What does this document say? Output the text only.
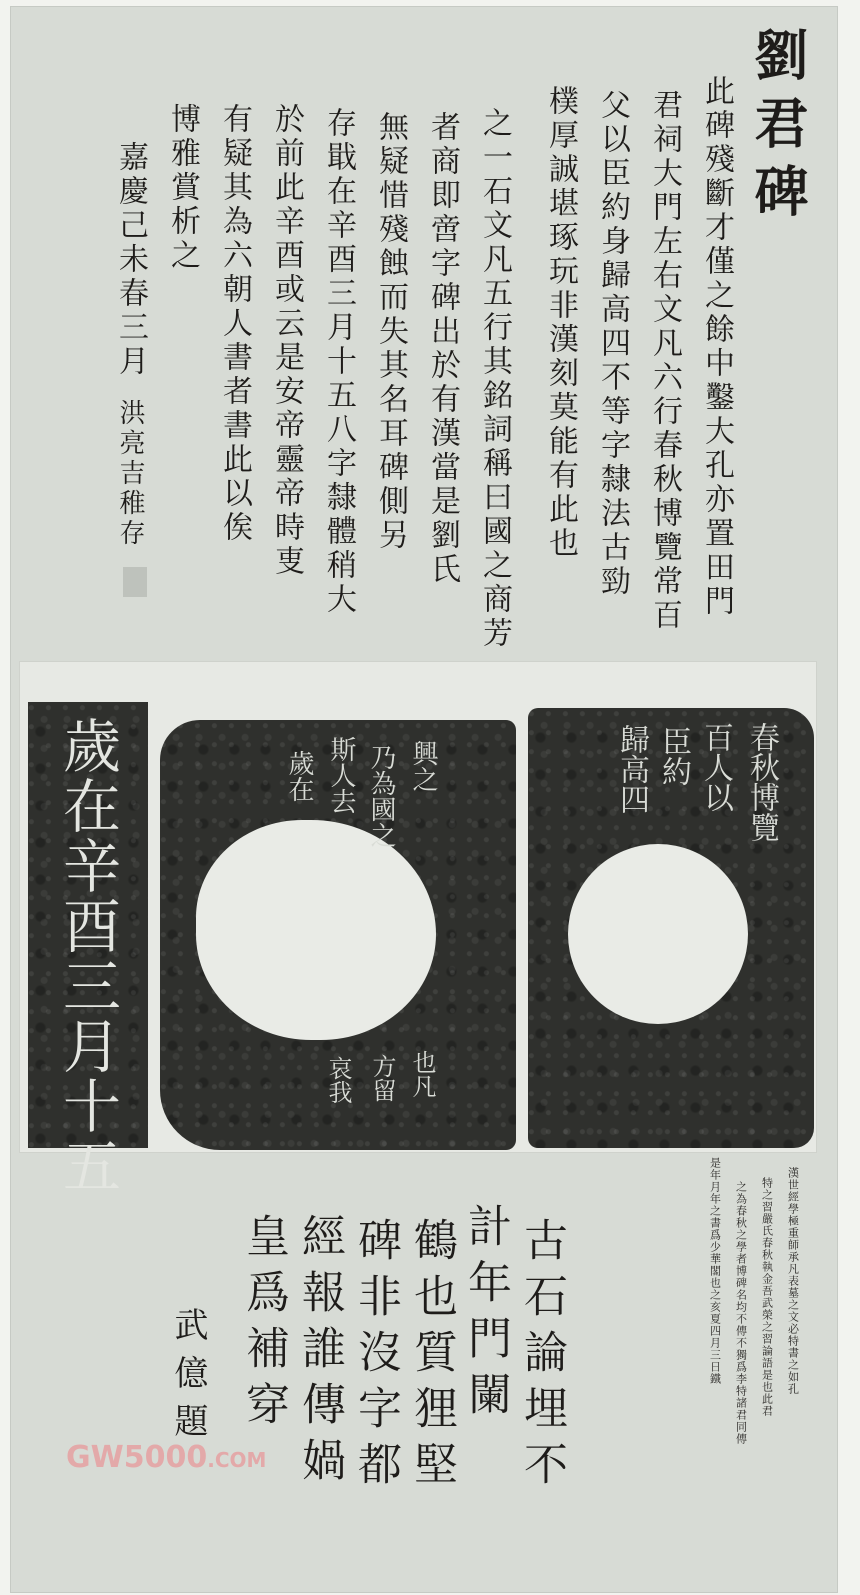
劉君碑
此碑殘斷才僅之餘中鑿大孔亦置田門
君祠大門左右文凡六行春秋博覽常百
父以臣約身歸高四不等字隸法古勁
樸厚誠堪琢玩非漢刻莫能有此也
之一石文凡五行其銘詞稱曰國之商芳
者商即啻字碑出於有漢當是劉氏
無疑惜殘蝕而失其名耳碑側另
存戢在辛酉三月十五八字隸體稍大
於前此辛酉或云是安帝靈帝時叓
有疑其為六朝人書者書此以俟
博雅賞析之
嘉慶己未春三月
洪亮吉稚存
歲在辛酉三月十五	興之
乃為國之
斯人去
歲在
也凡
方留
哀我
春秋博覽
百人以
臣約
歸高四
漢世經學極重師承凡表墓之文必特書之如孔
特之習嚴氏春秋執金吾武榮之習論語是也此君
之為春秋之學者博碑名均不傳不獨爲李特諸君同傳
是年月年之書爲少華閣也之亥夏四月三日鐵
古石論埋不
計年門闌
鶴也質狸堅
碑非沒字都
經報誰傳媧
皇爲補穿
武億題
GW5000.COM
